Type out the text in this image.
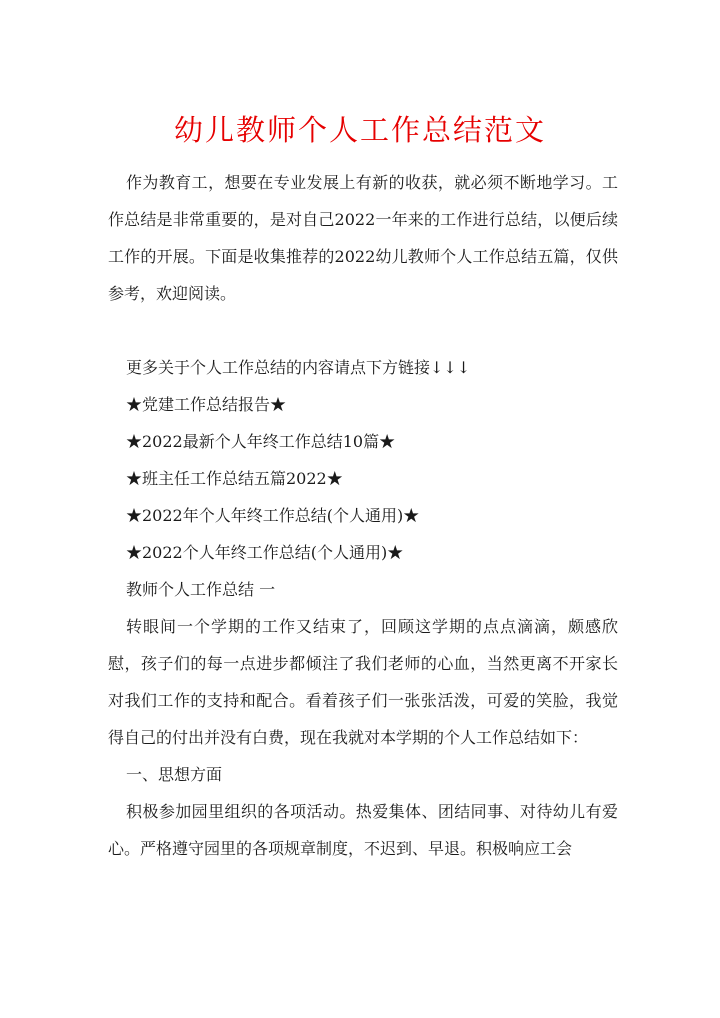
幼儿教师个人工作总结范文

作为教育工，想要在专业发展上有新的收获，就必须不断地学习。工作总结是非常重要的，是对自己2022一年来的工作进行总结，以便后续工作的开展。下面是收集推荐的2022幼儿教师个人工作总结五篇，仅供参考，欢迎阅读。

更多关于个人工作总结的内容请点下方链接↓↓↓

★党建工作总结报告★

★2022最新个人年终工作总结10篇★

★班主任工作总结五篇2022★

★2022年个人年终工作总结(个人通用)★

★2022个人年终工作总结(个人通用)★

教师个人工作总结 一

转眼间一个学期的工作又结束了，回顾这学期的点点滴滴，颇感欣慰，孩子们的每一点进步都倾注了我们老师的心血，当然更离不开家长对我们工作的支持和配合。看着孩子们一张张活泼，可爱的笑脸，我觉得自己的付出并没有白费，现在我就对本学期的个人工作总结如下：

一、思想方面

积极参加园里组织的各项活动。热爱集体、团结同事、对待幼儿有爱心。严格遵守园里的各项规章制度，不迟到、早退。积极响应工会
